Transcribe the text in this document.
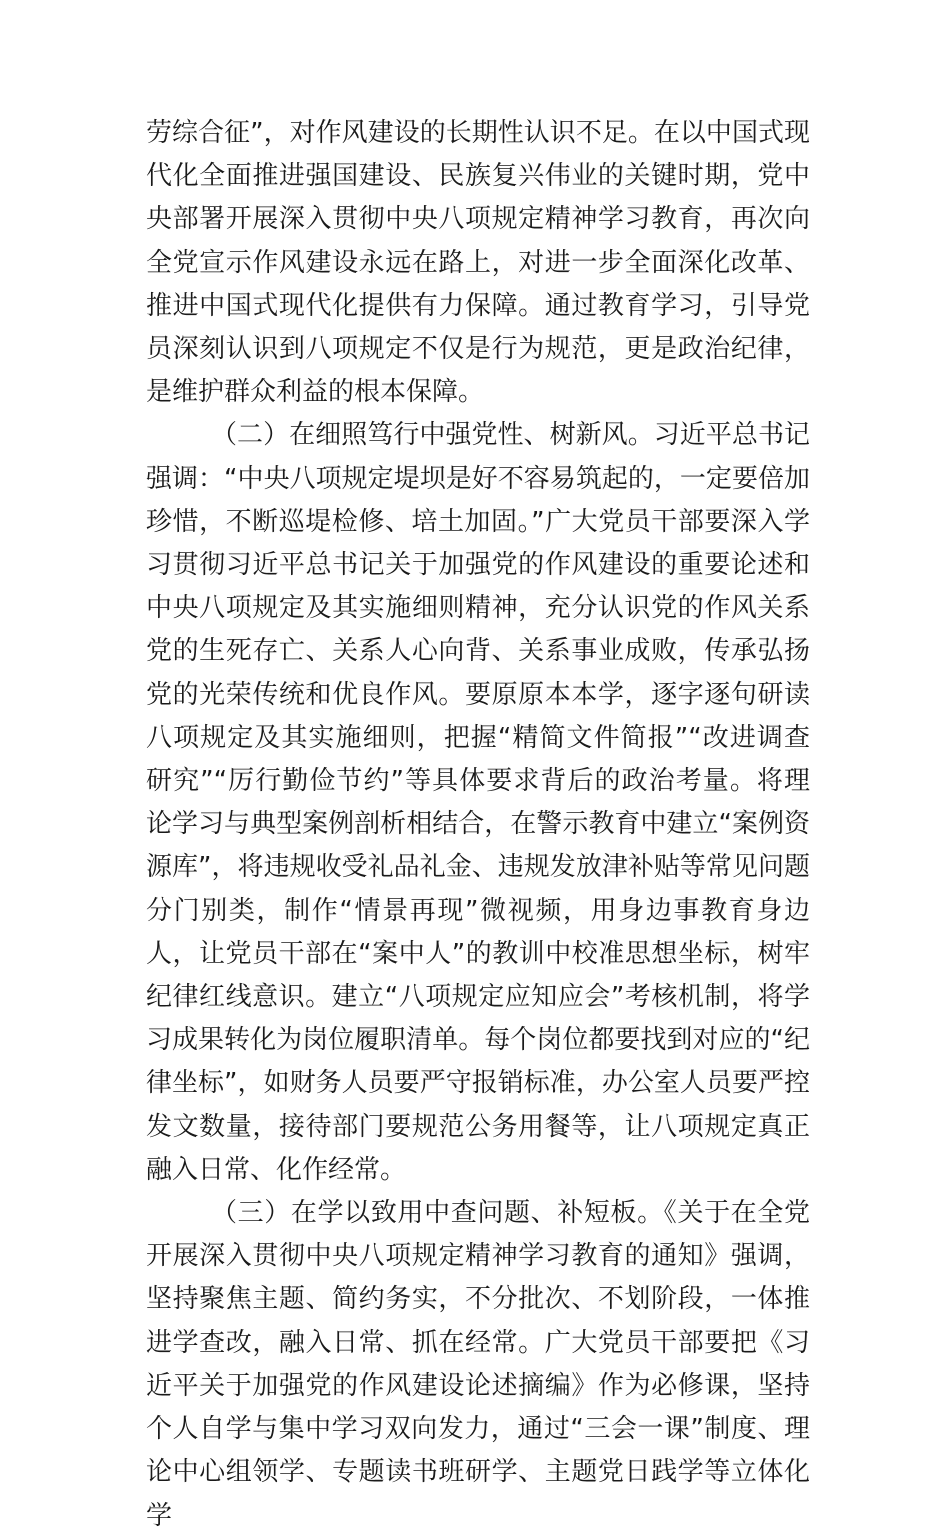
劳综合征”，对作风建设的长期性认识不足。在以中国式现代化全面推进强国建设、民族复兴伟业的关键时期，党中央部署开展深入贯彻中央八项规定精神学习教育，再次向全党宣示作风建设永远在路上，对进一步全面深化改革、推进中国式现代化提供有力保障。通过教育学习，引导党员深刻认识到八项规定不仅是行为规范，更是政治纪律，是维护群众利益的根本保障。

（二）在细照笃行中强党性、树新风。习近平总书记强调：“中央八项规定堤坝是好不容易筑起的，一定要倍加珍惜，不断巡堤检修、培土加固。”广大党员干部要深入学习贯彻习近平总书记关于加强党的作风建设的重要论述和中央八项规定及其实施细则精神，充分认识党的作风关系党的生死存亡、关系人心向背、关系事业成败，传承弘扬党的光荣传统和优良作风。要原原本本学，逐字逐句研读八项规定及其实施细则，把握“精简文件简报”“改进调查研究”“厉行勤俭节约”等具体要求背后的政治考量。将理论学习与典型案例剖析相结合，在警示教育中建立“案例资源库”，将违规收受礼品礼金、违规发放津补贴等常见问题分门别类，制作“情景再现”微视频，用身边事教育身边人，让党员干部在“案中人”的教训中校准思想坐标，树牢纪律红线意识。建立“八项规定应知应会”考核机制，将学习成果转化为岗位履职清单。每个岗位都要找到对应的“纪律坐标”，如财务人员要严守报销标准，办公室人员要严控发文数量，接待部门要规范公务用餐等，让八项规定真正融入日常、化作经常。

（三）在学以致用中查问题、补短板。《关于在全党开展深入贯彻中央八项规定精神学习教育的通知》强调，坚持聚焦主题、简约务实，不分批次、不划阶段，一体推进学查改，融入日常、抓在经常。广大党员干部要把《习近平关于加强党的作风建设论述摘编》作为必修课，坚持个人自学与集中学习双向发力，通过“三会一课”制度、理论中心组领学、专题读书班研学、主题党日践学等立体化学
